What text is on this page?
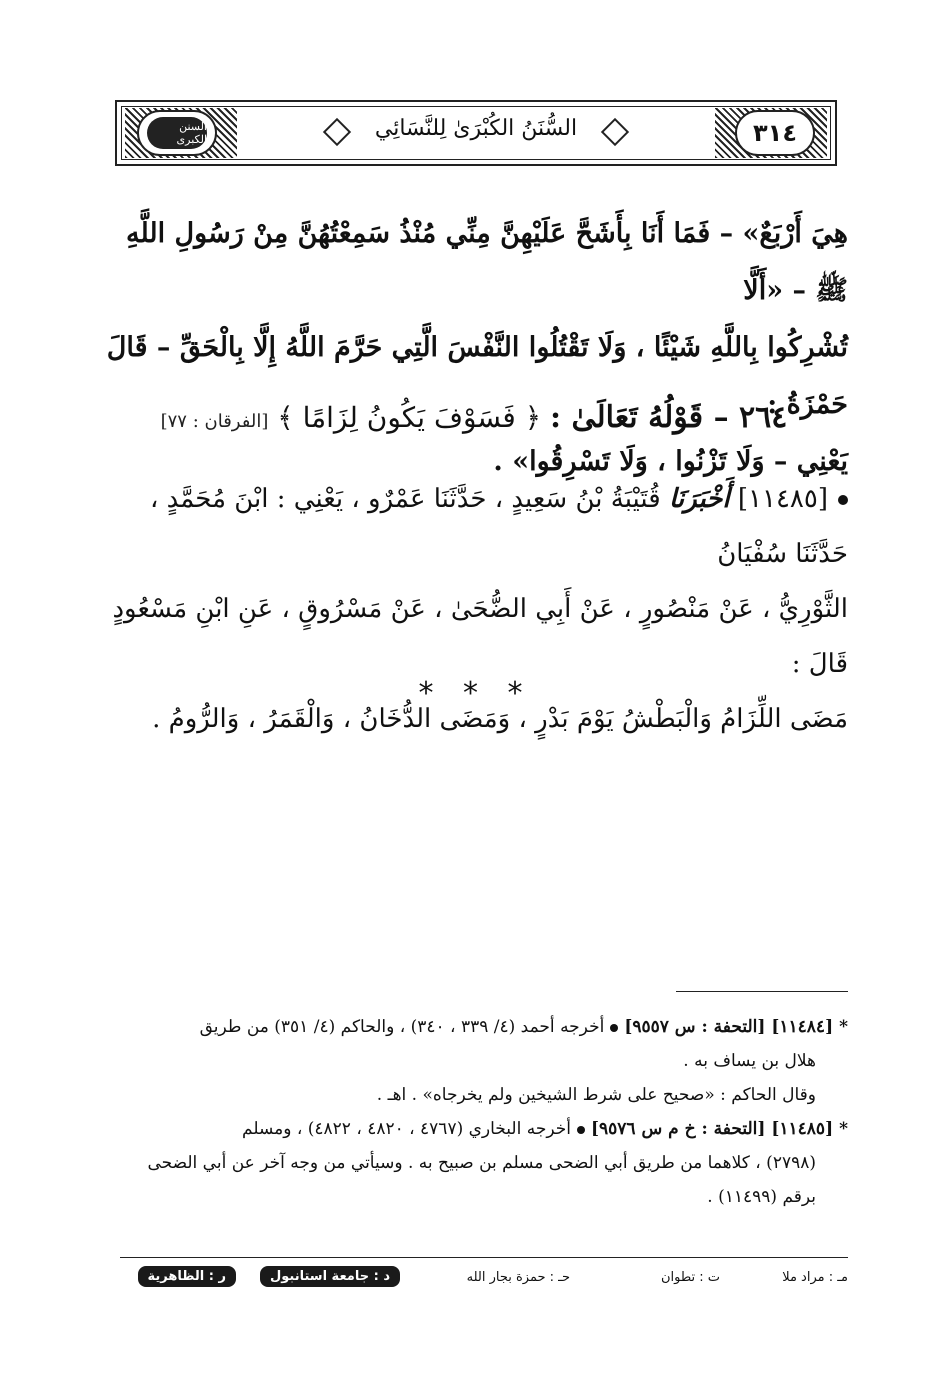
السنن الكبرى	٣١٤
السُّنَنُ الكُبْرَىٰ لِلنَّسَائِي

هِيَ أَرْبَعٌ» – فَمَا أَنَا بِأَشَحَّ عَلَيْهِنَّ مِنِّي مُنْذُ سَمِعْتُهُنَّ مِنْ رَسُولِ اللَّهِ ﷺ – «أَلَّا

تُشْرِكُوا بِاللَّهِ شَيْئًا ، وَلَا تَقْتُلُوا النَّفْسَ الَّتِي حَرَّمَ اللَّهُ إِلَّا بِالْحَقِّ – قَالَ حَمْزَةُ :

يَعْنِي – وَلَا تَزْنُوا ، وَلَا تَسْرِقُوا» .

٢٦٤ – قَوْلُهُ تَعَالَىٰ : ﴿ فَسَوْفَ يَكُونُ لِزَامًا ﴾ [الفرقان : ٧٧]

[١١٤٨٥] أَخْبَرَنَا قُتَيْبَةُ بْنُ سَعِيدٍ ، حَدَّثَنَا عَمْرٌو ، يَعْنِي : ابْنَ مُحَمَّدٍ ، حَدَّثَنَا سُفْيَانُ

الثَّوْرِيُّ ، عَنْ مَنْصُورٍ ، عَنْ أَبِي الضُّحَىٰ ، عَنْ مَسْرُوقٍ ، عَنِ ابْنِ مَسْعُودٍ قَالَ :

مَضَى اللِّزَامُ وَالْبَطْشُ يَوْمَ بَدْرٍ ، وَمَضَى الدُّخَانُ ، وَالْقَمَرُ ، وَالرُّومُ .

* * *

*[١١٤٨٤] [التحفة : س ٩٥٥٧]أخرجه أحمد (٤/ ٣٣٩ ، ٣٤٠) ، والحاكم (٤/ ٣٥١) من طريق

هلال بن يساف به .

وقال الحاكم : «صحيح على شرط الشيخين ولم يخرجاه» . اهـ .

*[١١٤٨٥] [التحفة : خ م س ٩٥٧٦]أخرجه البخاري (٤٧٦٧ ، ٤٨٢٠ ، ٤٨٢٢) ، ومسلم

(٢٧٩٨) ، كلاهما من طريق أبي الضحى مسلم بن صبيح به . وسيأتي من وجه آخر عن أبي الضحى

برقم (١١٤٩٩) .

مـ : مراد ملا
ت : تطوان
حـ : حمزة بجار الله
د : جامعة استانبول
ر : الظاهرية
